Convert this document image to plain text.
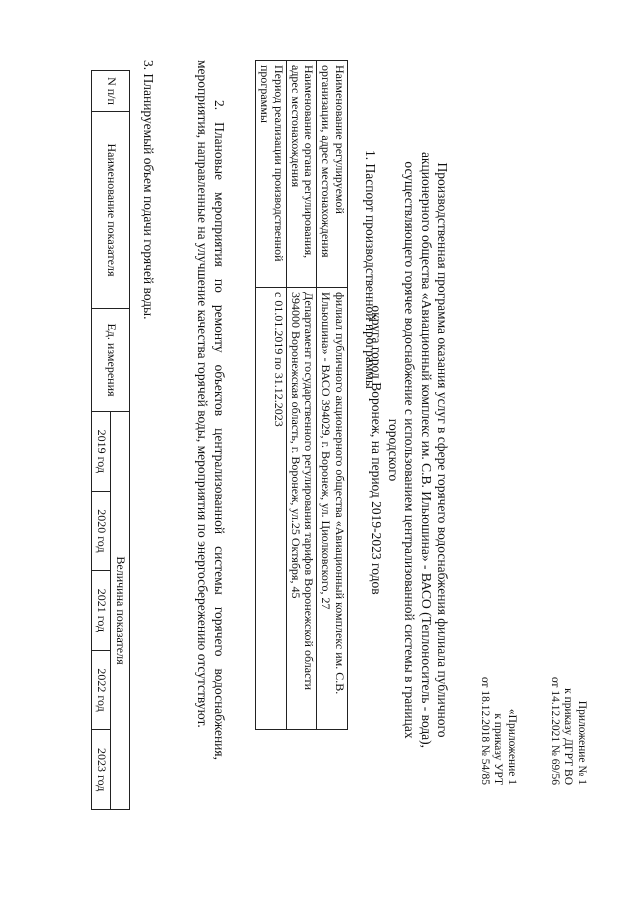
Приложение № 1
к приказу ДГРТ ВО
от 14.12.2021 № 69/56
«Приложение 1
к приказу УРТ
от 18.12.2018 № 54/85
Производственная программа оказания услуг в сфере горячего водоснабжения филиала публичного
акционерного общества «Авиационный комплекс им. С.В. Ильюшина» - ВАСО (Теплоноситель - вода),
осуществляющего горячее водоснабжение с использованием централизованной системы в границах городского
округа город Воронеж, на период 2019-2023 годов
1. Паспорт производственной программы
Наименование регулируемой организации, адрес местонахождения	филиал публичного акционерного общества «Авиационный комплекс им. С.В. Ильюшина» - ВАСО 394029, г. Воронеж, ул. Циолковского, 27
Наименование органа регулирования, адрес местонахождения	Департамент государственного регулирования тарифов Воронежской области 394000 Воронежская область, г. Воронеж, ул.25 Октября, 45
Период реализации производственной программы	с 01.01.2019 по 31.12.2023
2. Плановые мероприятия по ремонту объектов централизованной системы горячего водоснабжения, мероприятия, направленные на улучшение качества горячей воды, мероприятия по энергосбережению отсутствуют.
3. Планируемый объем подачи горячей воды.
N п/п	Наименование показателя	Ед. измерения	Величина показателя				
			2019 год	2020 год	2021 год	2022 год	2023 год
